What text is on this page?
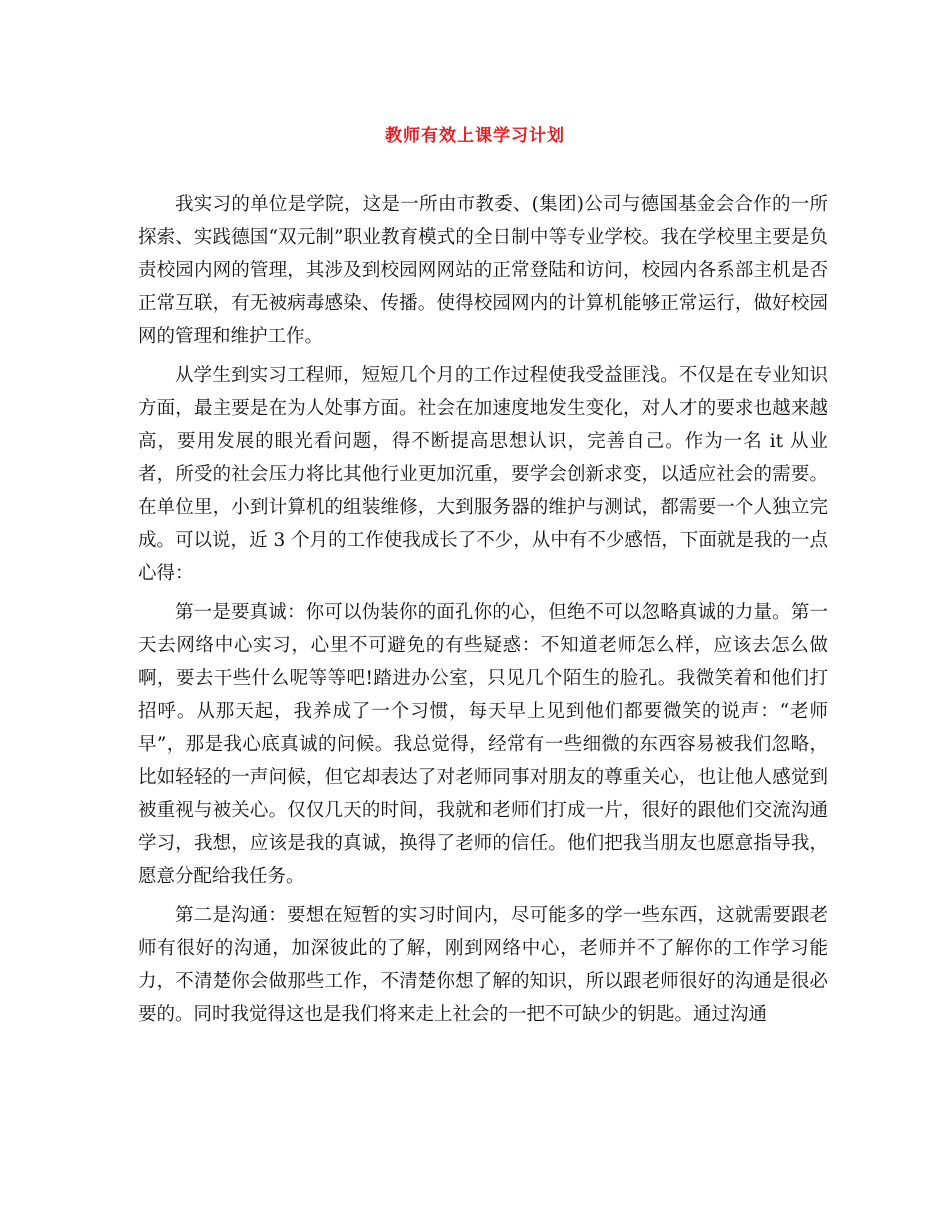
教师有效上课学习计划

我实习的单位是学院，这是一所由市教委、(集团)公司与德国基金会合作的一所探索、实践德国“双元制”职业教育模式的全日制中等专业学校。我在学校里主要是负责校园内网的管理，其涉及到校园网网站的正常登陆和访问，校园内各系部主机是否正常互联，有无被病毒感染、传播。使得校园网内的计算机能够正常运行，做好校园网的管理和维护工作。

从学生到实习工程师，短短几个月的工作过程使我受益匪浅。不仅是在专业知识方面，最主要是在为人处事方面。社会在加速度地发生变化，对人才的要求也越来越高，要用发展的眼光看问题，得不断提高思想认识，完善自己。作为一名 it 从业者，所受的社会压力将比其他行业更加沉重，要学会创新求变，以适应社会的需要。在单位里，小到计算机的组装维修，大到服务器的维护与测试，都需要一个人独立完成。可以说，近 3 个月的工作使我成长了不少，从中有不少感悟，下面就是我的一点心得：

第一是要真诚：你可以伪装你的面孔你的心，但绝不可以忽略真诚的力量。第一天去网络中心实习，心里不可避免的有些疑惑：不知道老师怎么样，应该去怎么做啊，要去干些什么呢等等吧!踏进办公室，只见几个陌生的脸孔。我微笑着和他们打招呼。从那天起，我养成了一个习惯，每天早上见到他们都要微笑的说声：“老师早”，那是我心底真诚的问候。我总觉得，经常有一些细微的东西容易被我们忽略，比如轻轻的一声问候，但它却表达了对老师同事对朋友的尊重关心，也让他人感觉到被重视与被关心。仅仅几天的时间，我就和老师们打成一片，很好的跟他们交流沟通学习，我想，应该是我的真诚，换得了老师的信任。他们把我当朋友也愿意指导我，愿意分配给我任务。

第二是沟通：要想在短暂的实习时间内，尽可能多的学一些东西，这就需要跟老师有很好的沟通，加深彼此的了解，刚到网络中心，老师并不了解你的工作学习能力，不清楚你会做那些工作，不清楚你想了解的知识，所以跟老师很好的沟通是很必要的。同时我觉得这也是我们将来走上社会的一把不可缺少的钥匙。通过沟通
